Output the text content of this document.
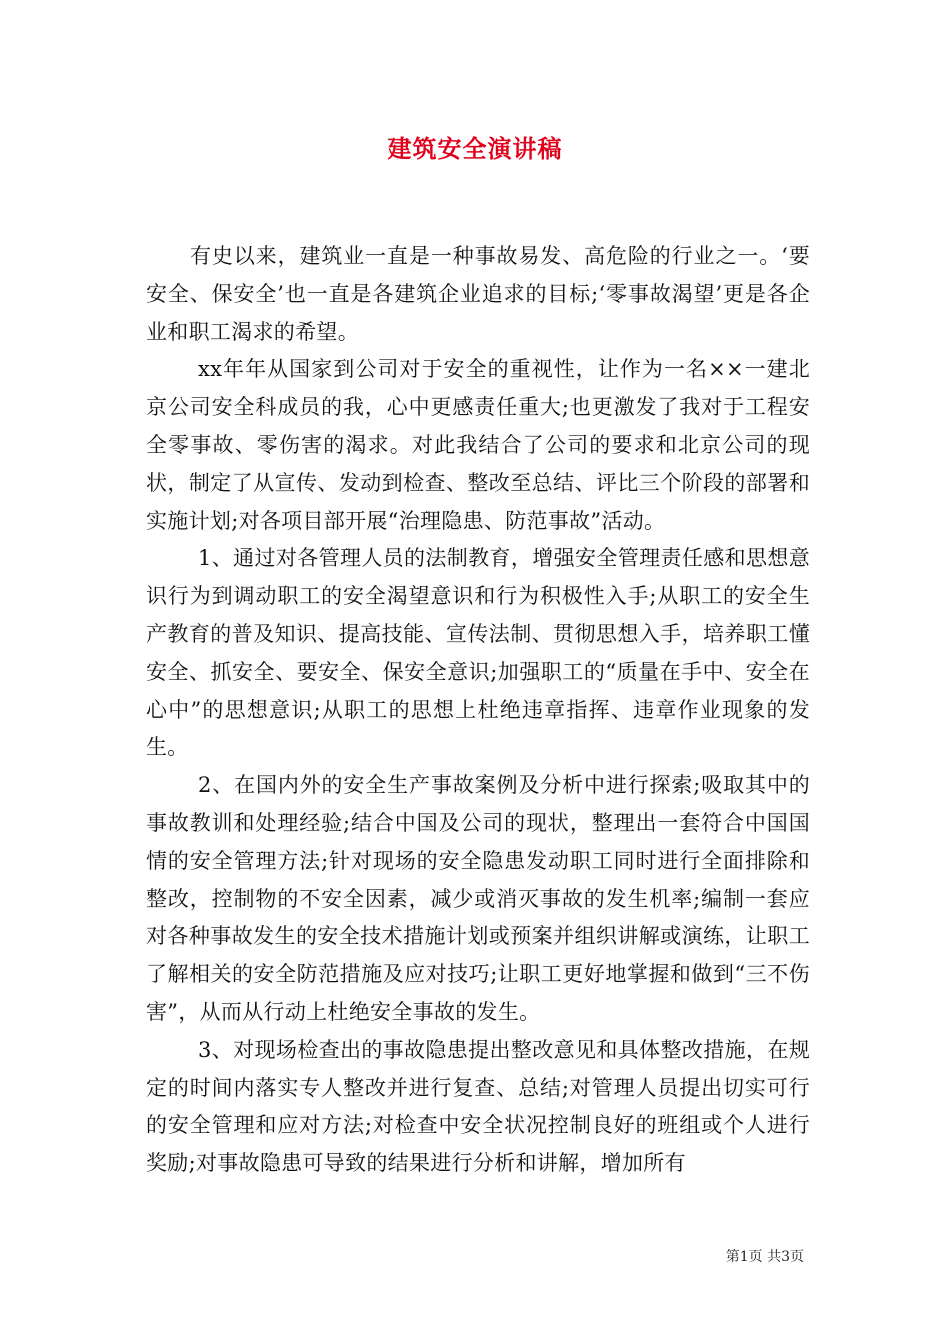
建筑安全演讲稿

有史以来，建筑业一直是一种事故易发、高危险的行业之一。‘要安全、保安全’也一直是各建筑企业追求的目标;‘零事故渴望’更是各企业和职工渴求的希望。

xx年年从国家到公司对于安全的重视性，让作为一名××一建北京公司安全科成员的我，心中更感责任重大;也更激发了我对于工程安全零事故、零伤害的渴求。对此我结合了公司的要求和北京公司的现状，制定了从宣传、发动到检查、整改至总结、评比三个阶段的部署和实施计划;对各项目部开展“治理隐患、防范事故”活动。

1、通过对各管理人员的法制教育，增强安全管理责任感和思想意识行为到调动职工的安全渴望意识和行为积极性入手;从职工的安全生产教育的普及知识、提高技能、宣传法制、贯彻思想入手，培养职工懂安全、抓安全、要安全、保安全意识;加强职工的“质量在手中、安全在心中”的思想意识;从职工的思想上杜绝违章指挥、违章作业现象的发生。

2、在国内外的安全生产事故案例及分析中进行探索;吸取其中的事故教训和处理经验;结合中国及公司的现状，整理出一套符合中国国情的安全管理方法;针对现场的安全隐患发动职工同时进行全面排除和整改，控制物的不安全因素，减少或消灭事故的发生机率;编制一套应对各种事故发生的安全技术措施计划或预案并组织讲解或演练，让职工了解相关的安全防范措施及应对技巧;让职工更好地掌握和做到“三不伤害”，从而从行动上杜绝安全事故的发生。

3、对现场检查出的事故隐患提出整改意见和具体整改措施，在规定的时间内落实专人整改并进行复查、总结;对管理人员提出切实可行的安全管理和应对方法;对检查中安全状况控制良好的班组或个人进行奖励;对事故隐患可导致的结果进行分析和讲解，增加所有

第1页 共3页
